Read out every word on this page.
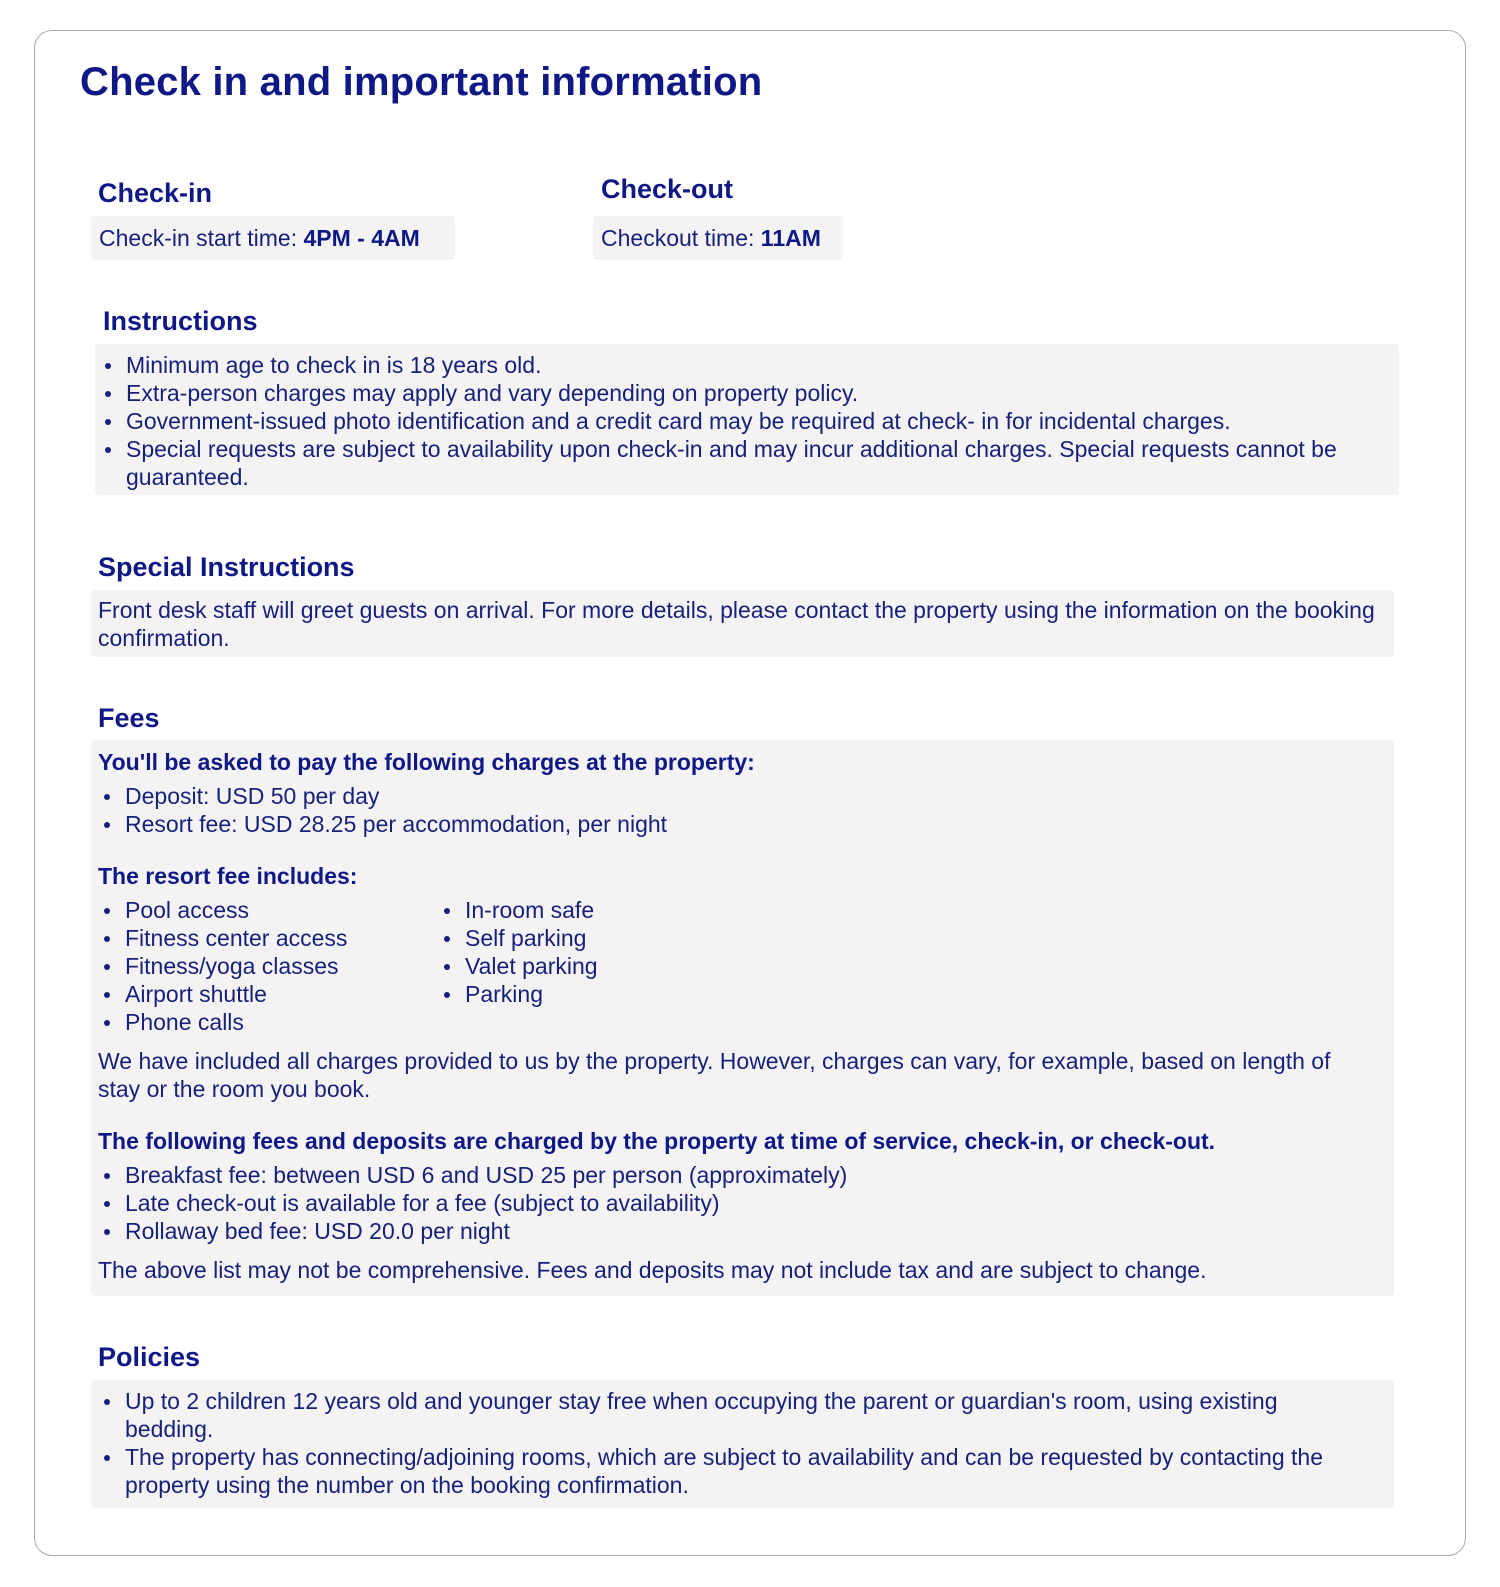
Check in and important information
Check-in
Check-in start time: 4PM - 4AM
Check-out
Checkout time: 11AM
Instructions
Minimum age to check in is 18 years old.
Extra-person charges may apply and vary depending on property policy.
Government-issued photo identification and a credit card may be required at check- in for incidental charges.
Special requests are subject to availability upon check-in and may incur additional charges. Special requests cannot be guaranteed.
Special Instructions

Front desk staff will greet guests on arrival. For more details, please contact the property using the information on the booking confirmation.

Fees

You'll be asked to pay the following charges at the property:

Deposit: USD 50 per day
Resort fee: USD 28.25 per accommodation, per night

The resort fee includes:

Pool access
Fitness center access
Fitness/yoga classes
Airport shuttle
Phone calls
In-room safe
Self parking
Valet parking
Parking

We have included all charges provided to us by the property. However, charges can vary, for example, based on length of stay or the room you book.

The following fees and deposits are charged by the property at time of service, check-in, or check-out.

Breakfast fee: between USD 6 and USD 25 per person (approximately)
Late check-out is available for a fee (subject to availability)
Rollaway bed fee: USD 20.0 per night

The above list may not be comprehensive. Fees and deposits may not include tax and are subject to change.

Policies
Up to 2 children 12 years old and younger stay free when occupying the parent or guardian's room, using existing bedding.
The property has connecting/adjoining rooms, which are subject to availability and can be requested by contacting the property using the number on the booking confirmation.
